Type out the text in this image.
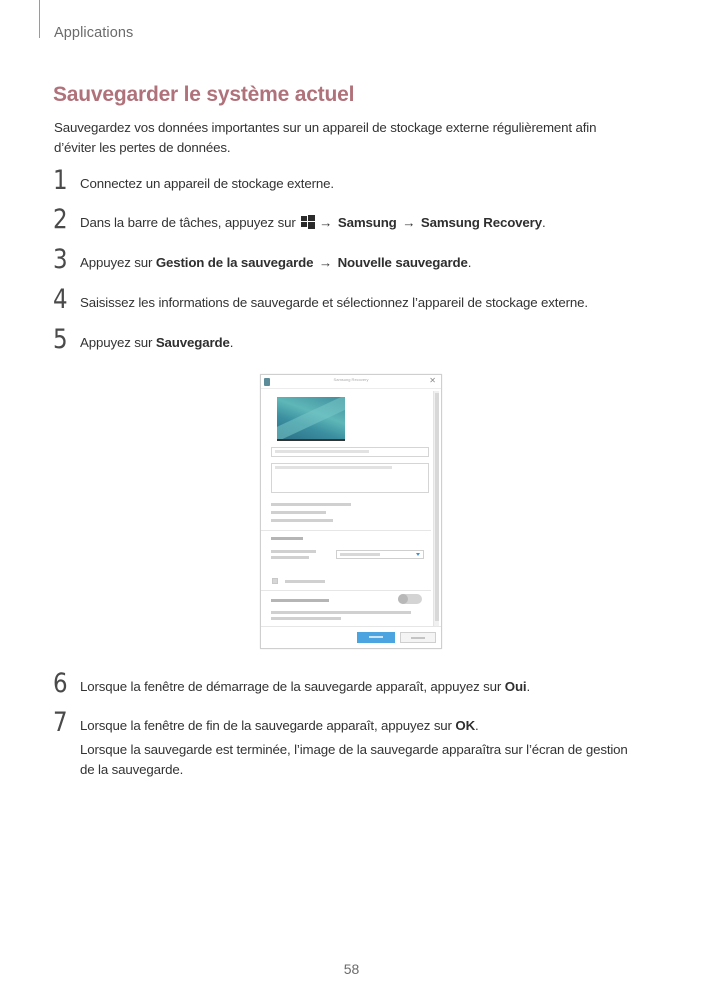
Applications
Sauvegarder le système actuel
Sauvegardez vos données importantes sur un appareil de stockage externe régulièrement afin
d’éviter les pertes de données.
1 Connectez un appareil de stockage externe.
2 Dans la barre de tâches, appuyez sur → Samsung → Samsung Recovery.
3 Appuyez sur Gestion de la sauvegarde → Nouvelle sauvegarde.
4 Saisissez les informations de sauvegarde et sélectionnez l’appareil de stockage externe.
5 Appuyez sur Sauvegarde.
Samsung Recovery	✕
6 Lorsque la fenêtre de démarrage de la sauvegarde apparaît, appuyez sur Oui.
7 Lorsque la fenêtre de fin de la sauvegarde apparaît, appuyez sur OK.
Lorsque la sauvegarde est terminée, l’image de la sauvegarde apparaîtra sur l’écran de gestion
de la sauvegarde.
58
